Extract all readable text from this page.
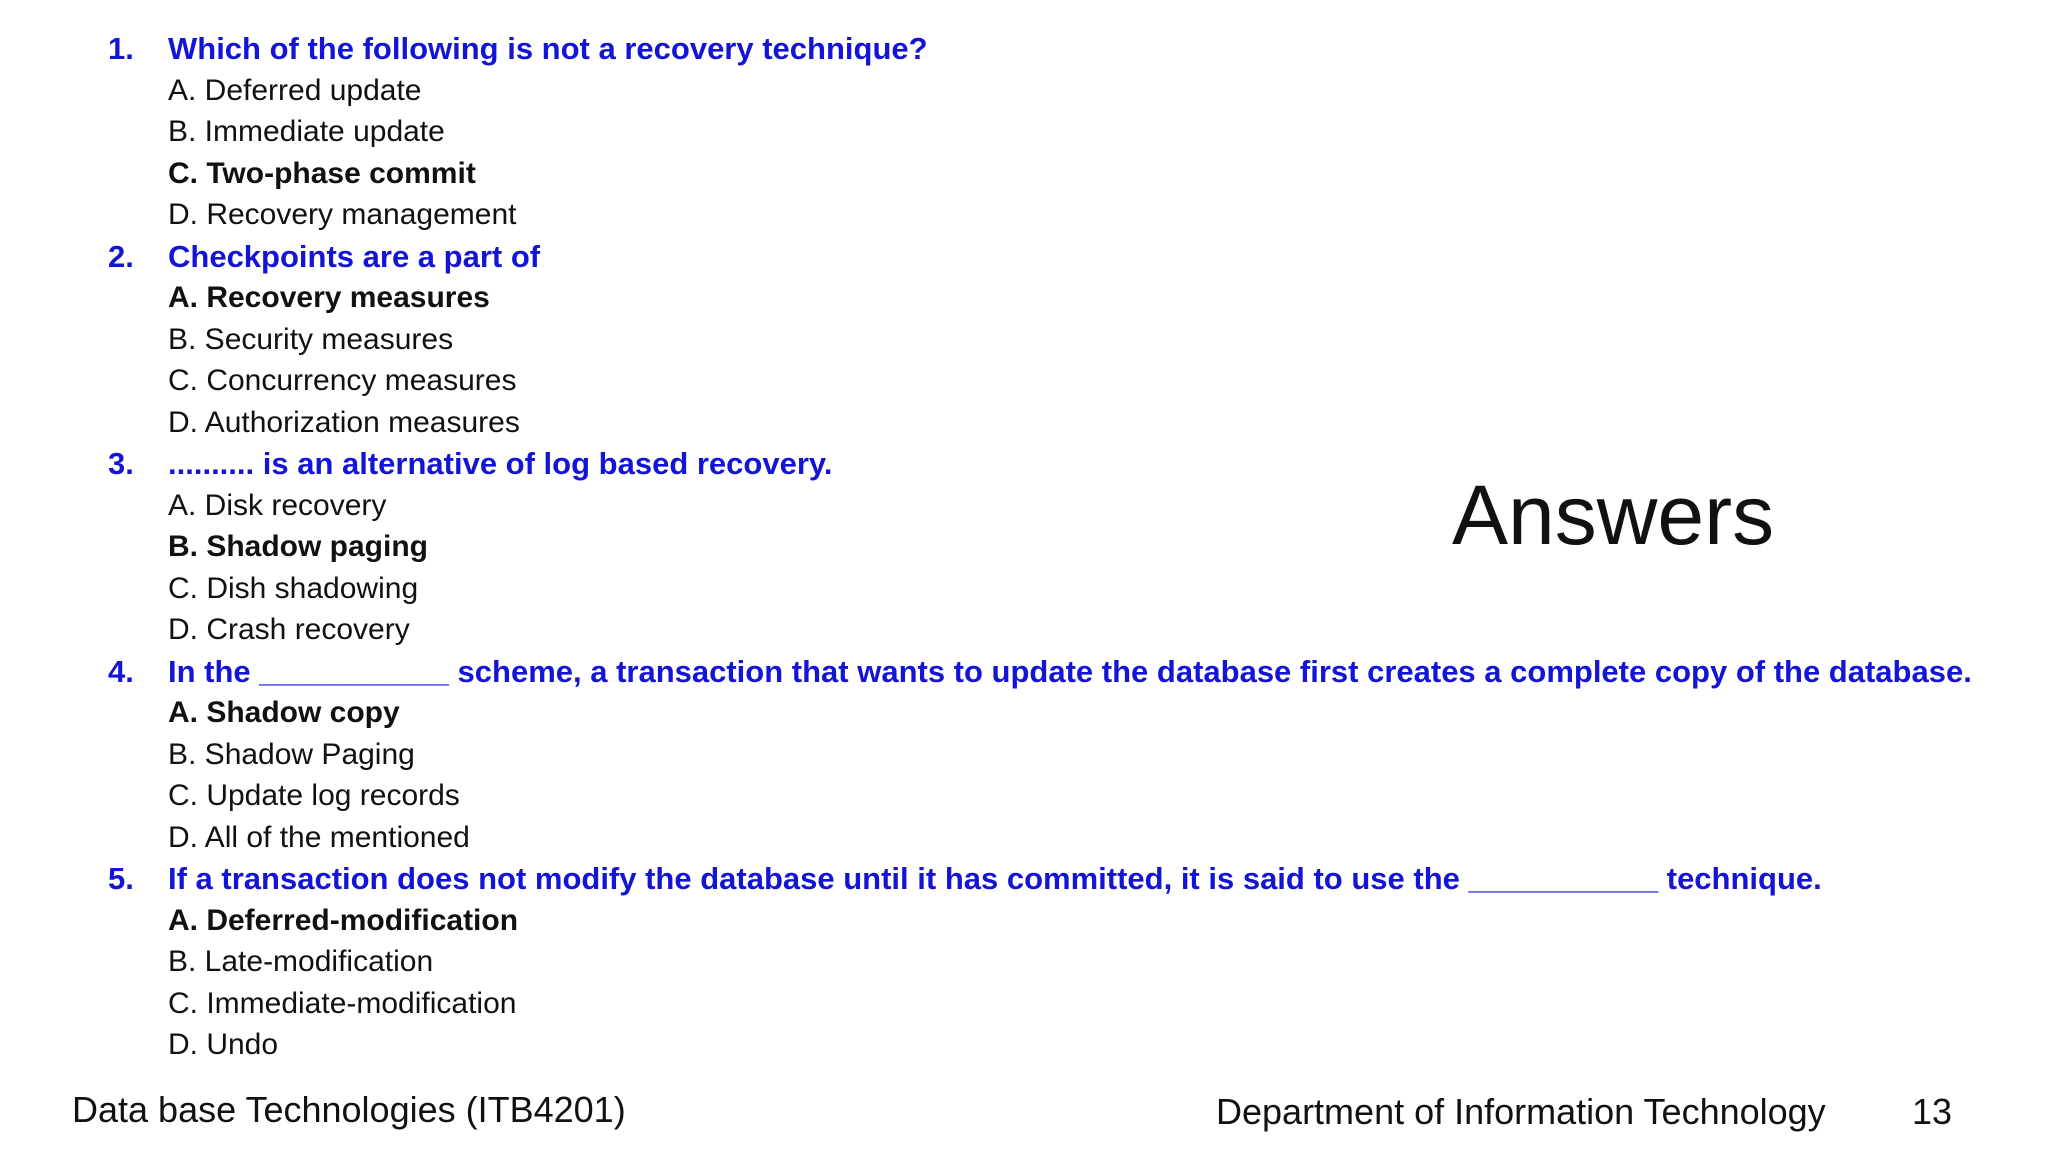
1.	Which of the following is not a recovery technique?
A. Deferred update
B. Immediate update
C. Two-phase commit
D. Recovery management
2.	Checkpoints are a part of
A. Recovery measures
B. Security measures
C. Concurrency measures
D. Authorization measures
3.	.......... is an alternative of log based recovery.
A. Disk recovery
B. Shadow paging
C. Dish shadowing
D. Crash recovery
4.	In the ___________ scheme, a transaction that wants to update the database first creates a complete copy of the database.
A. Shadow copy
B. Shadow Paging
C. Update log records
D. All of the mentioned
5.	If a transaction does not modify the database until it has committed, it is said to use the ___________ technique.
A. Deferred-modification
B. Late-modification
C. Immediate-modification
D. Undo
Answers
Data base Technologies (ITB4201)	Department of Information Technology 13
